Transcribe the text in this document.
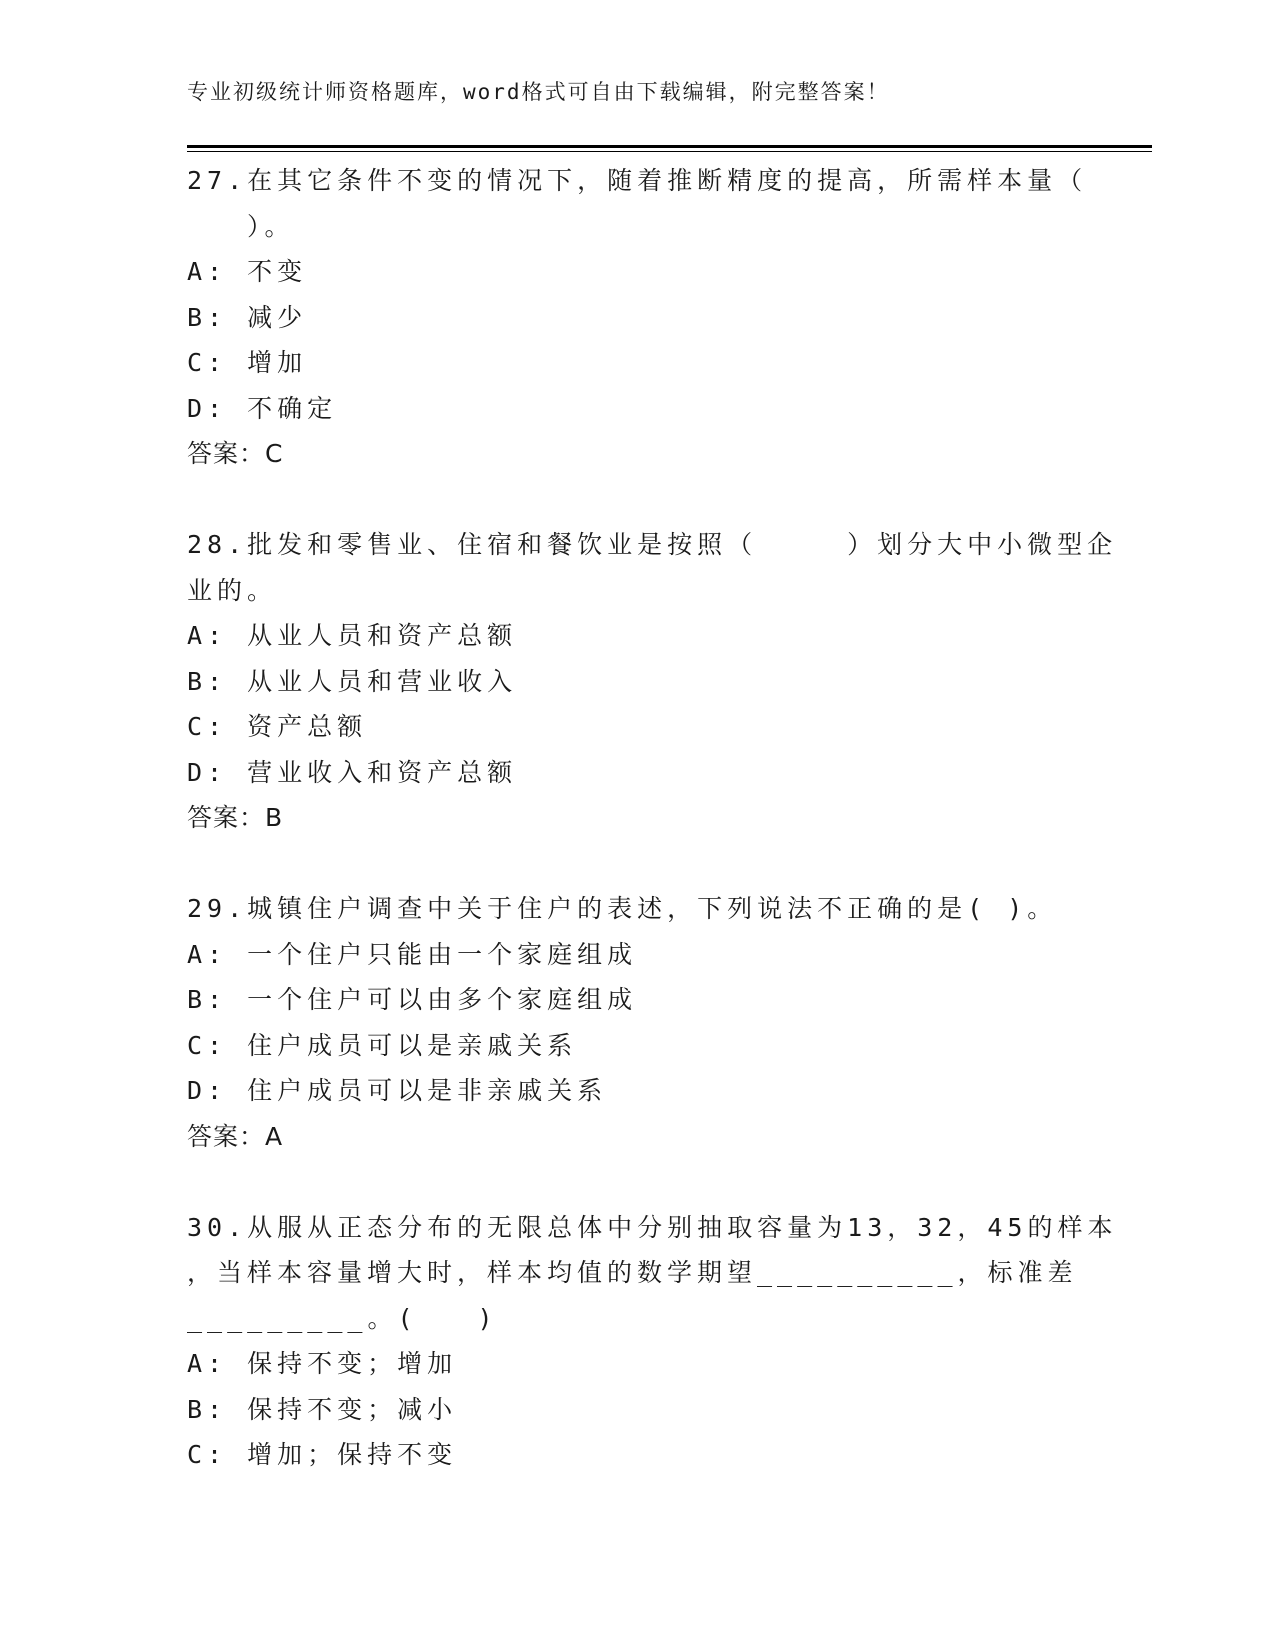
专业初级统计师资格题库，word格式可自由下载编辑，附完整答案！
27.在其它条件不变的情况下，随着推断精度的提高，所需样本量（
　　）。
A: 不变
B: 减少
C: 增加
D: 不确定
答案：C
28.批发和零售业、住宿和餐饮业是按照（　　　）划分大中小微型企
业的。
A: 从业人员和资产总额
B: 从业人员和营业收入
C: 资产总额
D: 营业收入和资产总额
答案：B
29.城镇住户调查中关于住户的表述，下列说法不正确的是( )。
A: 一个住户只能由一个家庭组成
B: 一个住户可以由多个家庭组成
C: 住户成员可以是亲戚关系
D: 住户成员可以是非亲戚关系
答案：A
30.从服从正态分布的无限总体中分别抽取容量为13，32，45的样本
，当样本容量增大时，样本均值的数学期望__________，标准差
_________。(　　)
A: 保持不变；增加
B: 保持不变；减小
C: 增加；保持不变
